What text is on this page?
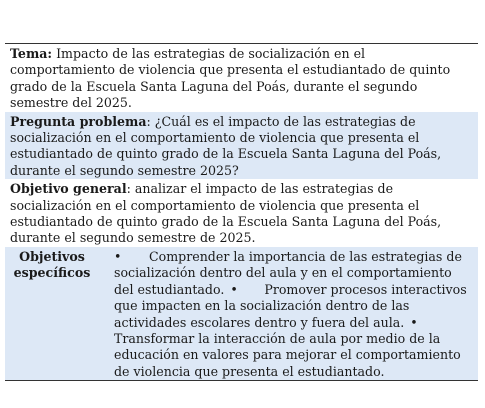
Tema: Impacto de las estrategias de socialización en el comportamiento de violencia que presenta el estudiantado de quinto grado de la Escuela Santa Laguna del Poás, durante el segundo semestre del 2025.
Pregunta problema: ¿Cuál es el impacto de las estrategias de socialización en el comportamiento de violencia que presenta el estudiantado de quinto grado de la Escuela Santa Laguna del Poás, durante el segundo semestre 2025?
Objetivo general: analizar el impacto de las estrategias de socialización en el comportamiento de violencia que presenta el estudiantado de quinto grado de la Escuela Santa Laguna del Poás, durante el segundo semestre de 2025.
Objetivos
específicos
• Comprender la importancia de las estrategias de socialización dentro del aula y en el comportamiento del estudiantado. • Promover procesos interactivos que impacten en la socialización dentro de las actividades escolares dentro y fuera del aula. •Transformar la interacción de aula por medio de la educación en valores para mejorar el comportamiento de violencia que presenta el estudiantado.
